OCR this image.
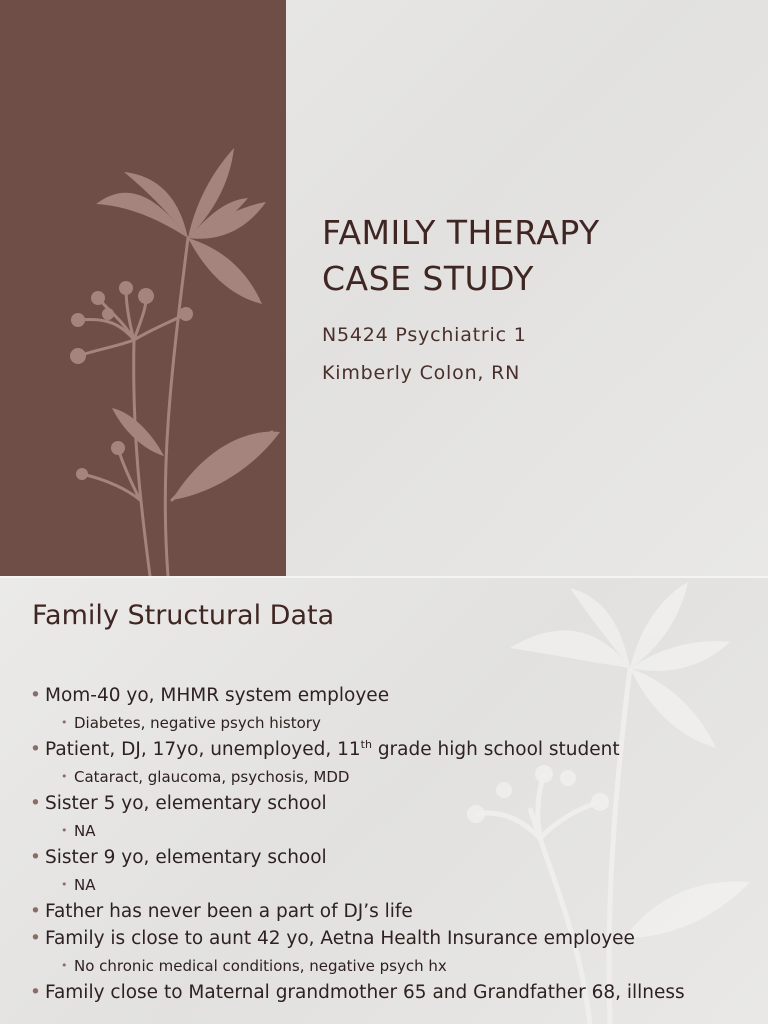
FAMILY THERAPY
CASE STUDY
N5424 Psychiatric 1
Kimberly Colon, RN
Family Structural Data
• Mom-40 yo, MHMR system employee
• Diabetes, negative psych history
• Patient, DJ, 17yo, unemployed, 11th grade high school student
• Cataract, glaucoma, psychosis, MDD
• Sister 5 yo, elementary school
• NA
• Sister 9 yo, elementary school
• NA
• Father has never been a part of DJ’s life
• Family is close to aunt 42 yo, Aetna Health Insurance employee
• No chronic medical conditions, negative psych hx
• Family close to Maternal grandmother 65 and Grandfather 68, illness
